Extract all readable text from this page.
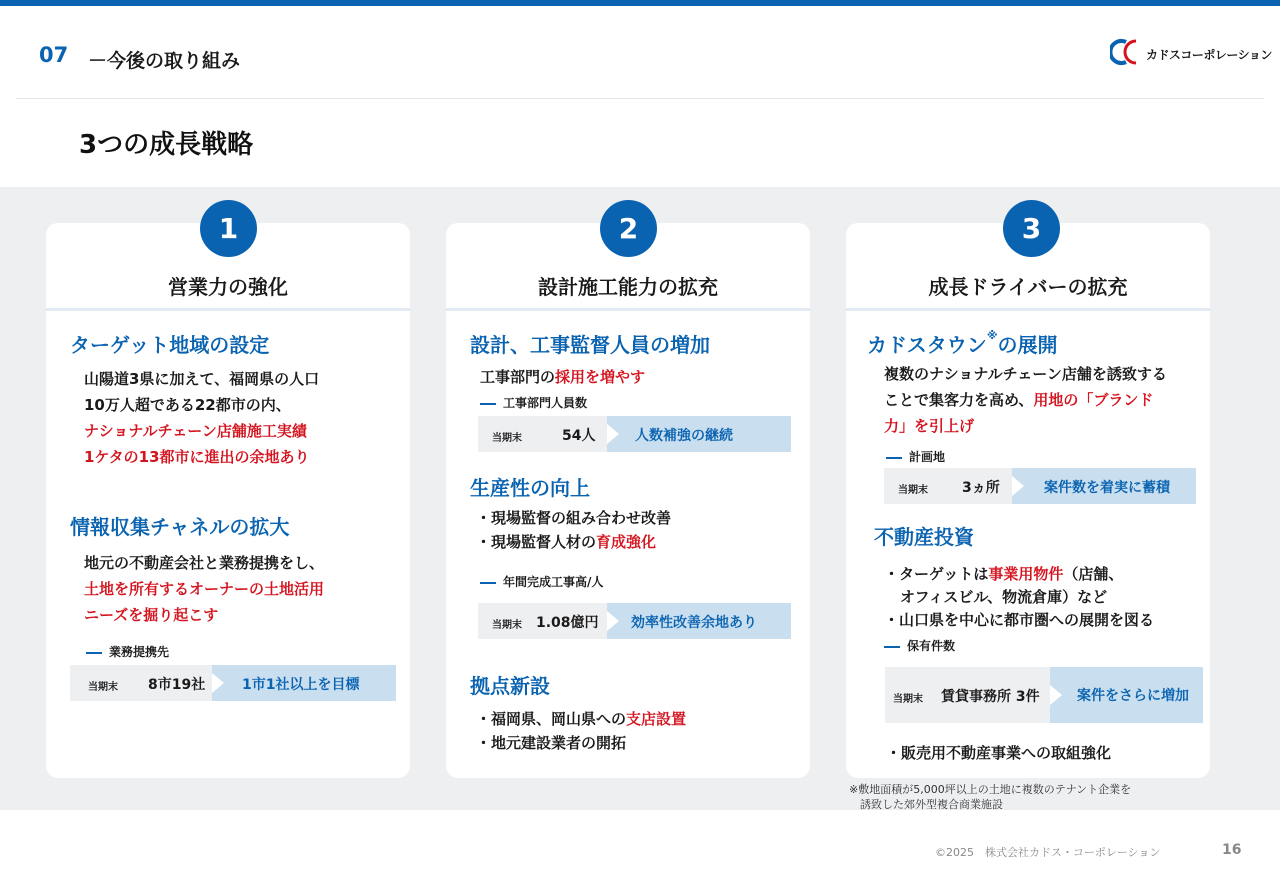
07 －今後の取り組み	カドスコーポレーション
3つの成長戦略
営業力の強化
ターゲット地域の設定
山陽道3県に加えて、福岡県の人口
10万人超である22都市の内、
ナショナルチェーン店舗施工実績
1ケタの13都市に進出の余地あり
情報収集チャネルの拡大
地元の不動産会社と業務提携をし、
土地を所有するオーナーの土地活用
ニーズを掘り起こす
業務提携先
当期末 8市19社	1市1社以上を目標
設計施工能力の拡充
設計、工事監督人員の増加
工事部門の採用を増やす
工事部門人員数
当期末	54人	人数補強の継続
生産性の向上
・現場監督の組み合わせ改善
・現場監督人材の育成強化
年間完成工事高/人
当期末 1.08億円 効率性改善余地あり
拠点新設
・福岡県、岡山県への支店設置
・地元建設業者の開拓
成長ドライバーの拡充
カドスタウン※の展開
複数のナショナルチェーン店舗を誘致する
ことで集客力を高め、用地の「ブランド
力」を引上げ
計画地
当期末 3ヵ所	案件数を着実に蓄積
不動産投資
・ターゲットは事業用物件（店舗、
オフィスビル、物流倉庫）など
・山口県を中心に都市圏への展開を図る
保有件数
当期末 賃貸事務所 3件	案件をさらに増加
・販売用不動産事業への取組強化
1	2	3
※敷地面積が5,000坪以上の土地に複数のテナント企業を
　誘致した郊外型複合商業施設
©2025　株式会社カドス・コーポレーション	16
